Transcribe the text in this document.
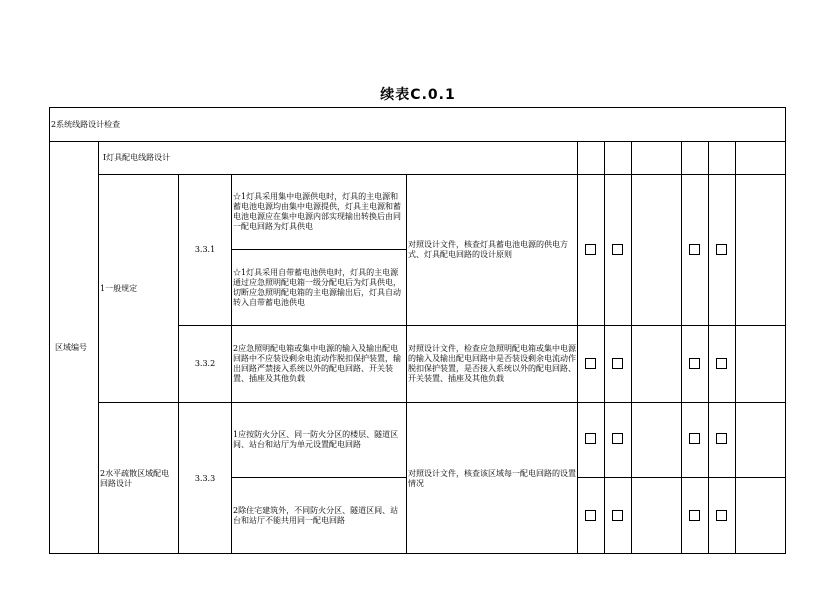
续表C.0.1
2系统线路设计检查
区域编号
Ⅰ灯具配电线路设计
1一般规定
2水平疏散区域配电回路设计
3.3.1
3.3.2
3.3.3
☆1灯具采用集中电源供电时，灯具的主电源和蓄电池电源均由集中电源提供，灯具主电源和蓄电池电源应在集中电源内部实现输出转换后由同一配电回路为灯具供电
☆1灯具采用自带蓄电池供电时，灯具的主电源通过应急照明配电箱一级分配电后为灯具供电，切断应急照明配电箱的主电源输出后，灯具自动转入自带蓄电池供电
2应急照明配电箱或集中电源的输入及输出配电回路中不应装设剩余电流动作脱扣保护装置，输出回路严禁接入系统以外的配电回路、开关装置、插座及其他负载
1应按防火分区、同一防火分区的楼层、隧道区间、站台和站厅为单元设置配电回路
2除住宅建筑外，不同防火分区、隧道区间、站台和站厅不能共用同一配电回路
对照设计文件，核查灯具蓄电池电源的供电方式、灯具配电回路的设计原则
对照设计文件，检查应急照明配电箱或集中电源的输入及输出配电回路中是否装设剩余电流动作脱扣保护装置，是否接入系统以外的配电回路、开关装置、插座及其他负载
对照设计文件，核查该区域每一配电回路的设置情况
